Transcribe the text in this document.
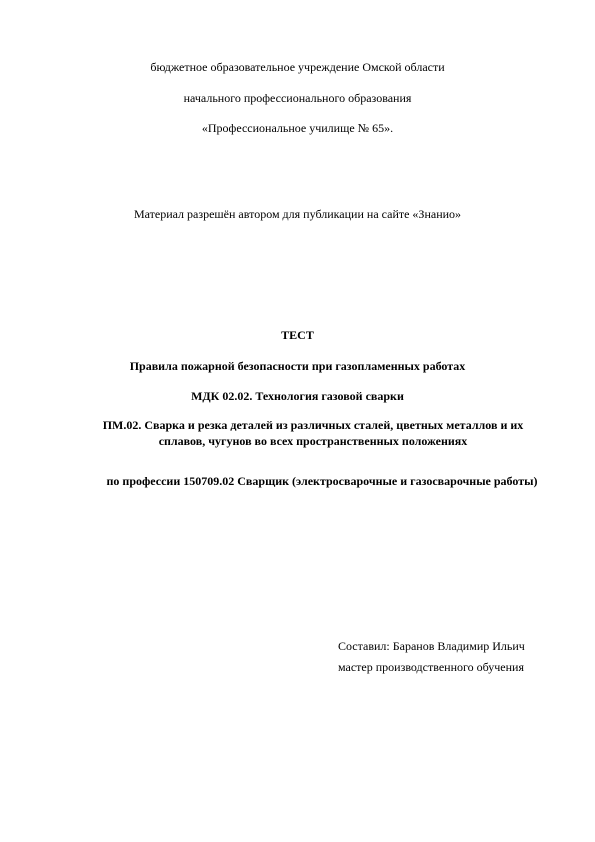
бюджетное образовательное учреждение Омской области
начального профессионального образования
«Профессиональное училище № 65».
Материал разрешён автором для публикации на сайте «Знанио»
ТЕСТ
Правила пожарной безопасности при газопламенных работах
МДК 02.02. Технология газовой сварки
ПМ.02. Сварка и резка деталей из различных сталей, цветных металлов и их сплавов, чугунов во всех пространственных положениях
по профессии 150709.02 Сварщик (электросварочные и газосварочные работы)
Составил: Баранов Владимир Ильич
мастер производственного обучения
